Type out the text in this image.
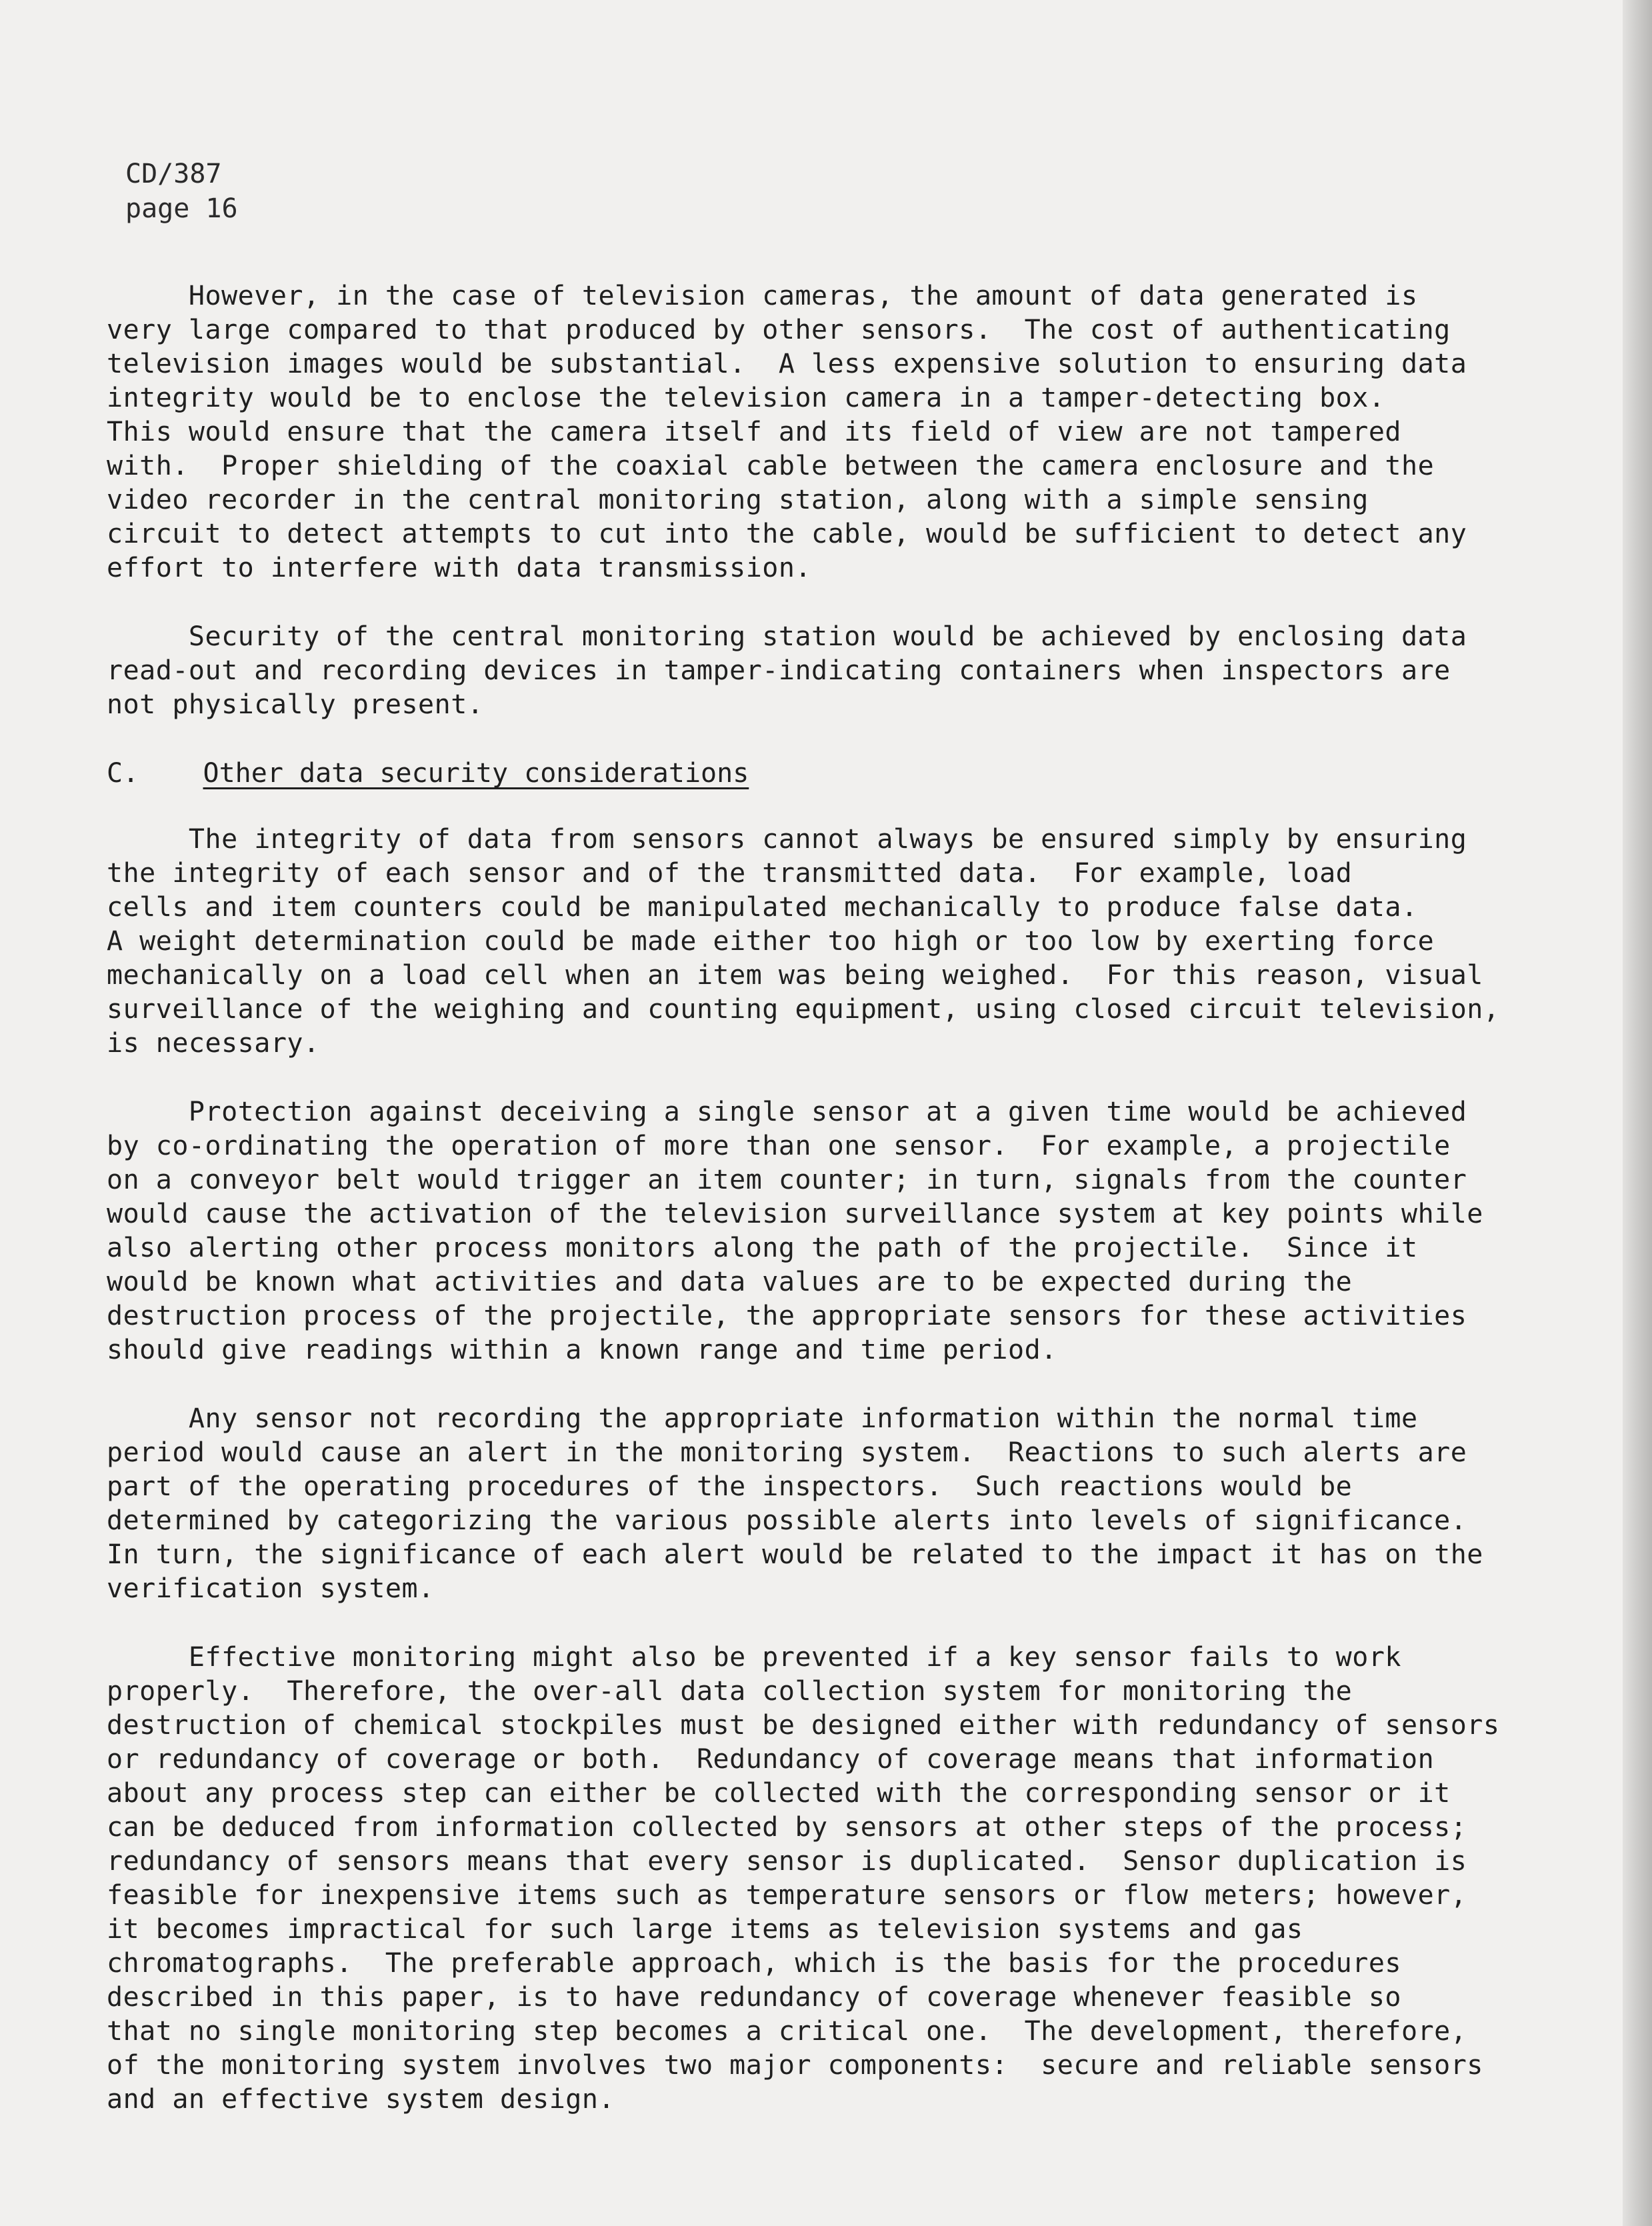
CD/387
page 16
However, in the case of television cameras, the amount of data generated is
very large compared to that produced by other sensors.  The cost of authenticating
television images would be substantial.  A less expensive solution to ensuring data
integrity would be to enclose the television camera in a tamper-detecting box.
This would ensure that the camera itself and its field of view are not tampered
with.  Proper shielding of the coaxial cable between the camera enclosure and the
video recorder in the central monitoring station, along with a simple sensing
circuit to detect attempts to cut into the cable, would be sufficient to detect any
effort to interfere with data transmission.
Security of the central monitoring station would be achieved by enclosing data
read-out and recording devices in tamper-indicating containers when inspectors are
not physically present.
C. Other data security considerations
The integrity of data from sensors cannot always be ensured simply by ensuring
the integrity of each sensor and of the transmitted data.  For example, load
cells and item counters could be manipulated mechanically to produce false data.
A weight determination could be made either too high or too low by exerting force
mechanically on a load cell when an item was being weighed.  For this reason, visual
surveillance of the weighing and counting equipment, using closed circuit television,
is necessary.
Protection against deceiving a single sensor at a given time would be achieved
by co-ordinating the operation of more than one sensor.  For example, a projectile
on a conveyor belt would trigger an item counter; in turn, signals from the counter
would cause the activation of the television surveillance system at key points while
also alerting other process monitors along the path of the projectile.  Since it
would be known what activities and data values are to be expected during the
destruction process of the projectile, the appropriate sensors for these activities
should give readings within a known range and time period.
Any sensor not recording the appropriate information within the normal time
period would cause an alert in the monitoring system.  Reactions to such alerts are
part of the operating procedures of the inspectors.  Such reactions would be
determined by categorizing the various possible alerts into levels of significance.
In turn, the significance of each alert would be related to the impact it has on the
verification system.
Effective monitoring might also be prevented if a key sensor fails to work
properly.  Therefore, the over-all data collection system for monitoring the
destruction of chemical stockpiles must be designed either with redundancy of sensors
or redundancy of coverage or both.  Redundancy of coverage means that information
about any process step can either be collected with the corresponding sensor or it
can be deduced from information collected by sensors at other steps of the process;
redundancy of sensors means that every sensor is duplicated.  Sensor duplication is
feasible for inexpensive items such as temperature sensors or flow meters; however,
it becomes impractical for such large items as television systems and gas
chromatographs.  The preferable approach, which is the basis for the procedures
described in this paper, is to have redundancy of coverage whenever feasible so
that no single monitoring step becomes a critical one.  The development, therefore,
of the monitoring system involves two major components:  secure and reliable sensors
and an effective system design.
